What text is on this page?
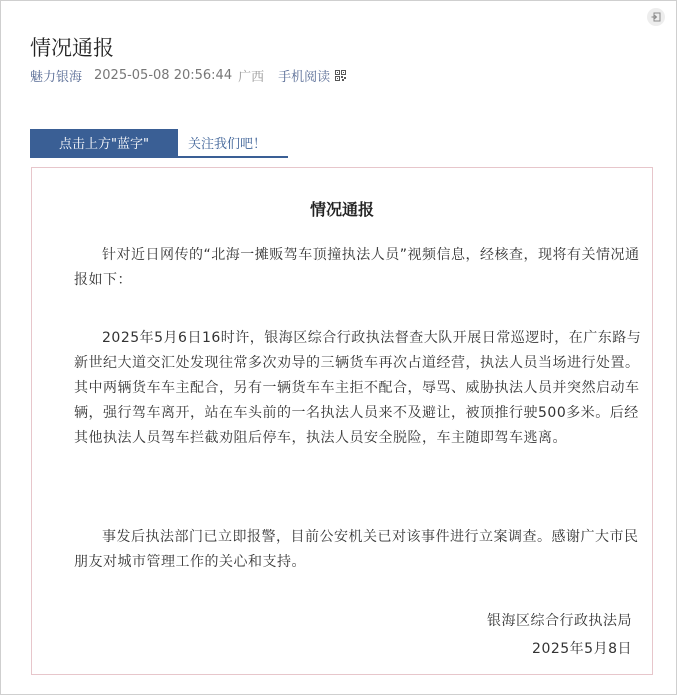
情况通报
魅力银海 2025-05-08 20:56:44 广西 手机阅读
点击上方"蓝字"	关注我们吧！
情况通报

针对近日网传的“北海一摊贩驾车顶撞执法人员”视频信息，经核查，现将有关情况通报如下：

2025年5月6日16时许，银海区综合行政执法督查大队开展日常巡逻时，在广东路与新世纪大道交汇处发现往常多次劝导的三辆货车再次占道经营，执法人员当场进行处置。其中两辆货车车主配合，另有一辆货车车主拒不配合，辱骂、威胁执法人员并突然启动车辆，强行驾车离开，站在车头前的一名执法人员来不及避让，被顶推行驶500多米。后经其他执法人员驾车拦截劝阻后停车，执法人员安全脱险，车主随即驾车逃离。

事发后执法部门已立即报警，目前公安机关已对该事件进行立案调查。感谢广大市民朋友对城市管理工作的关心和支持。

银海区综合行政执法局
2025年5月8日
